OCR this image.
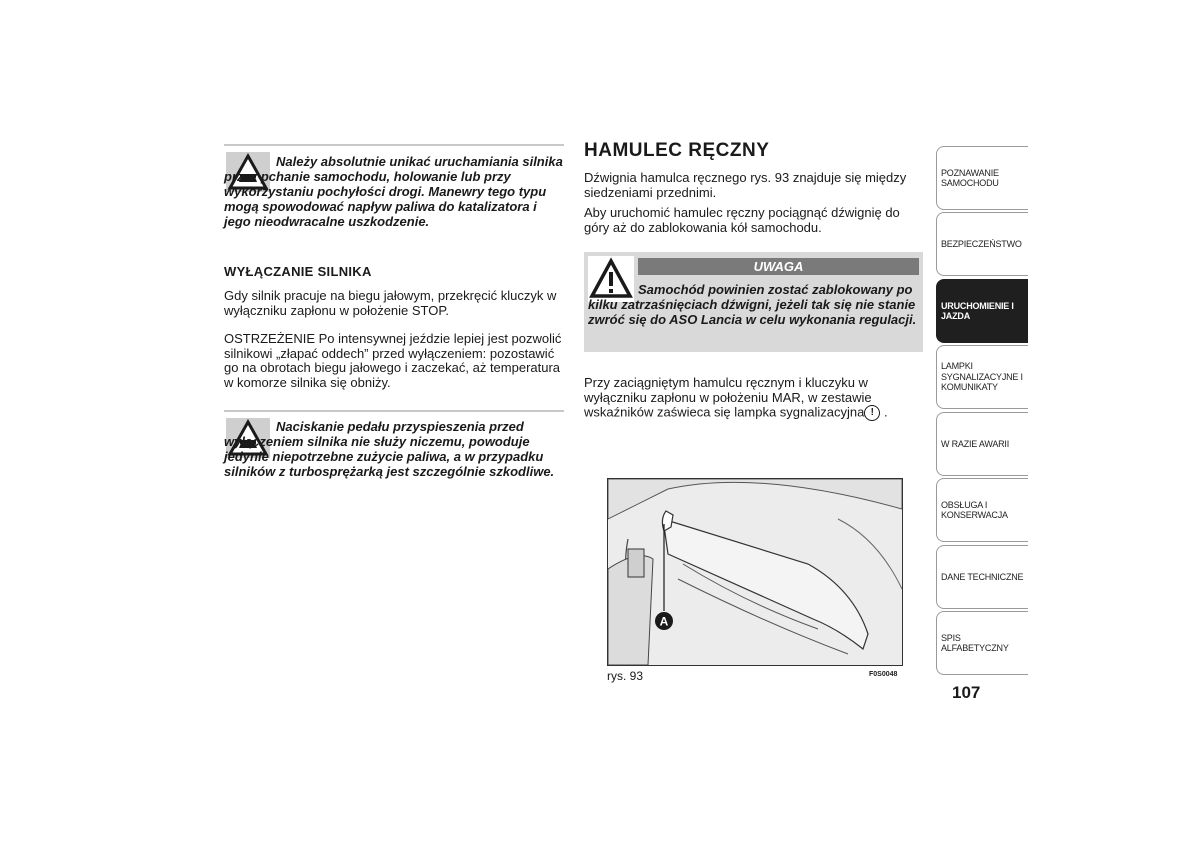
Należy absolutnie unikać uruchamiania silnika przez pchanie samochodu, holowanie lub przy wykorzystaniu pochyłości drogi. Manewry tego typu mogą spowodować napływ paliwa do katalizatora i jego nieodwracalne uszkodzenie.
WYŁĄCZANIE SILNIKA
Gdy silnik pracuje na biegu jałowym, przekręcić kluczyk w wyłączniku zapłonu w położenie STOP.
OSTRZEŻENIE Po intensywnej jeździe lepiej jest pozwolić silnikowi „złapać oddech” przed wyłączeniem: pozostawić go na obrotach biegu jałowego i zaczekać, aż temperatura w komorze silnika się obniży.
Naciskanie pedału przyspieszenia przed wyłączeniem silnika nie służy niczemu, powoduje jedynie niepotrzebne zużycie paliwa, a w przypadku silników z turbosprężarką jest szczególnie szkodliwe.
HAMULEC RĘCZNY
Dźwignia hamulca ręcznego rys. 93 znajduje się między siedzeniami przednimi.
Aby uruchomić hamulec ręczny pociągnąć dźwignię do góry aż do zablokowania kół samochodu.
UWAGA
Samochód powinien zostać zablokowany po kilku zatrzaśnięciach dźwigni, jeżeli tak się nie stanie zwróć się do ASO Lancia w celu wykonania regulacji.
Przy zaciągniętym hamulcu ręcznym i kluczyku w wyłączniku zapłonu w położeniu MAR, w zestawie wskaźników zaświeca się lampka sygnalizacyjna ! .
A
rys. 93	F0S0048
POZNAWANIE SAMOCHODU
BEZPIECZEŃSTWO
URUCHOMIENIE I JAZDA
LAMPKI SYGNALIZACYJNE I KOMUNIKATY
W RAZIE AWARII
OBSŁUGA I KONSERWACJA
DANE TECHNICZNE
SPIS ALFABETYCZNY
107
